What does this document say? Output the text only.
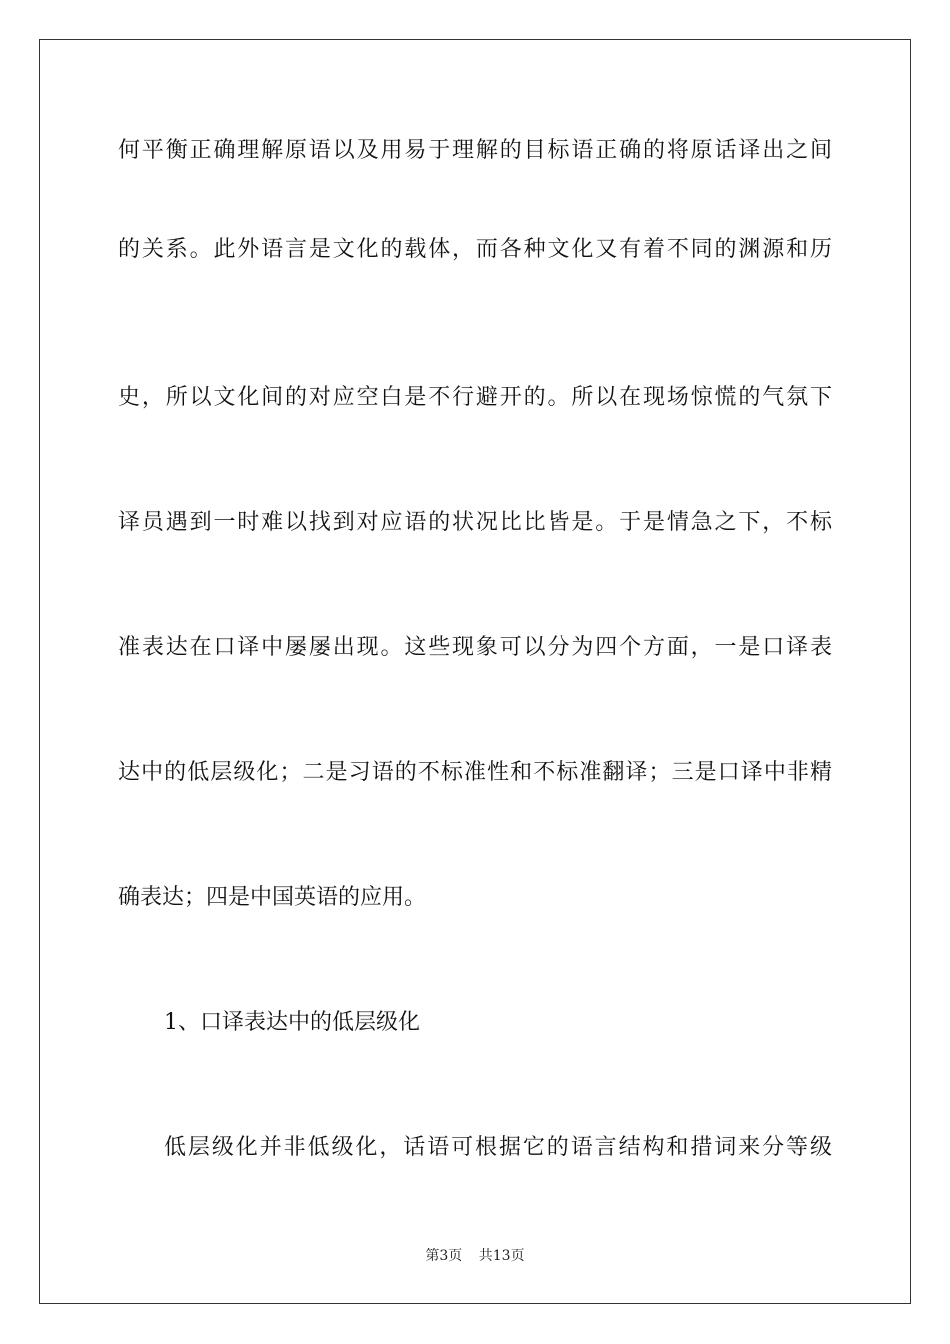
何平衡正确理解原语以及用易于理解的目标语正确的将原话译出之间
的关系。此外语言是文化的载体，而各种文化又有着不同的渊源和历
史，所以文化间的对应空白是不行避开的。所以在现场惊慌的气氛下
译员遇到一时难以找到对应语的状况比比皆是。于是情急之下，不标
准表达在口译中屡屡出现。这些现象可以分为四个方面，一是口译表
达中的低层级化；二是习语的不标准性和不标准翻译；三是口译中非精
确表达；四是中国英语的应用。
1、口译表达中的低层级化
低层级化并非低级化，话语可根据它的语言结构和措词来分等级
第3页 共13页
